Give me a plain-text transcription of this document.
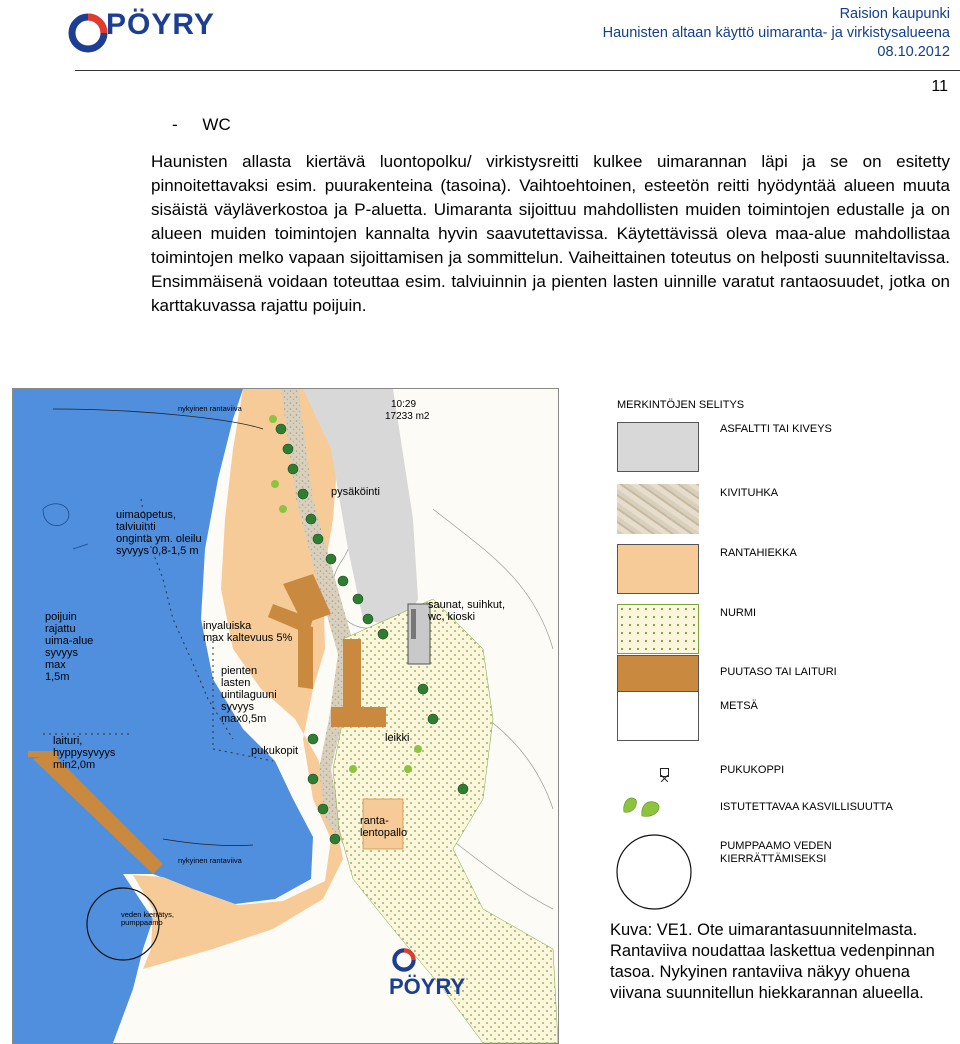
PÖYRY	Raision kaupunki
Haunisten altaan käyttö uimaranta- ja virkistysalueena
08.10.2012
11
- WC
Haunisten allasta kiertävä luontopolku/ virkistysreitti kulkee uimarannan läpi ja se on esitetty pinnoitettavaksi esim. puurakenteina (tasoina). Vaihtoehtoinen, esteetön reitti hyödyntää alueen muuta sisäistä väyläverkostoa ja P-aluetta. Uimaranta sijoittuu mahdollisten muiden toimintojen edustalle ja on alueen muiden toimintojen kannalta hyvin saavutettavissa. Käytettävissä oleva maa-alue mahdollistaa toimintojen melko vapaan sijoittamisen ja sommittelun. Vaiheittainen toteutus on helposti suunniteltavissa. Ensimmäisenä voidaan toteuttaa esim. talviuinnin ja pienten lasten uinnille varatut rantaosuudet, jotka on karttakuvassa rajattu poijuin.
nykyinen rantaviiva	10:29
17233 m2
pysäköinti
uimaopetus,
talviuinti
onginta ym. oleilu
syvyys 0,8-1,5 m
poijuin
rajattu
uima-alue
syvyys
max
1,5m
invaluiska
max kaltevuus 5%
pienten
lasten
uintilaguuni
syvyys
max0,5m
saunat, suihkut,
wc, kioski
laituri,
hyppysyvyys
min2,0m
pukukopit
leikki
ranta-
lentopallo
nykyinen rantaviiva
veden kierrätys,
pumppaamo
PÖYRY
MERKINTÖJEN SELITYS
ASFALTTI TAI KIVEYS
KIVITUHKA
RANTAHIEKKA
NURMI
PUUTASO TAI LAITURI
METSÄ
PUKUKOPPI
ISTUTETTAVAA KASVILLISUUTTA
PUMPPAAMO VEDEN
KIERRÄTTÄMISEKSI
Kuva: VE1. Ote uimarantasuunnitelmasta. Rantaviiva noudattaa laskettua vedenpinnan tasoa. Nykyinen rantaviiva näkyy ohuena viivana suunnitellun hiekkarannan alueella.
